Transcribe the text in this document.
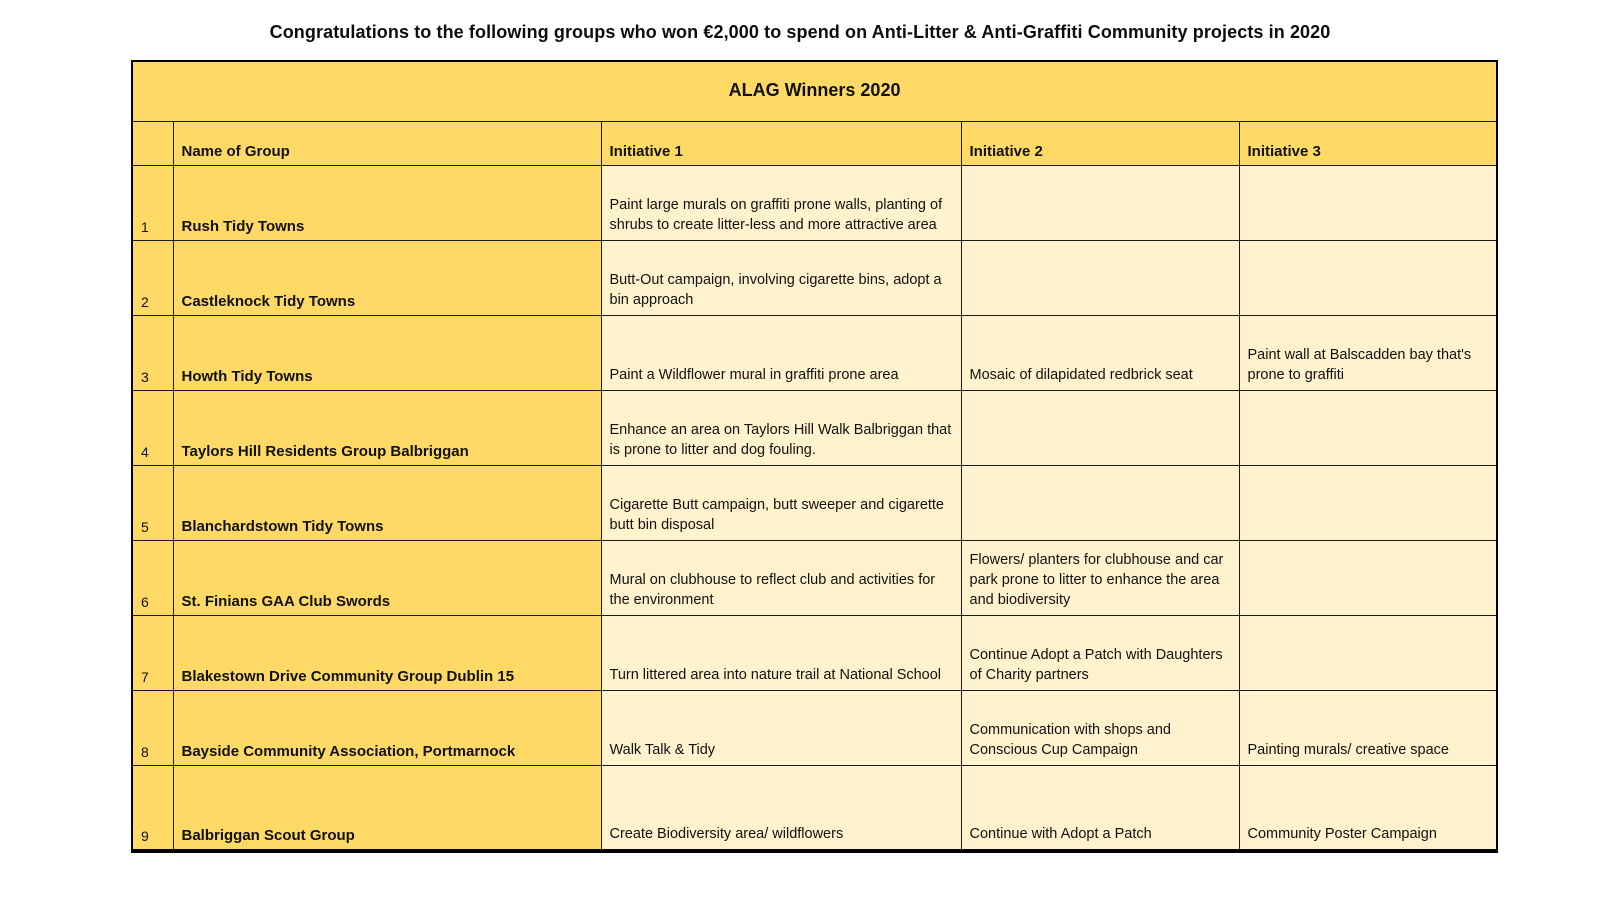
Congratulations to the following groups who won €2,000 to spend on Anti-Litter & Anti-Graffiti Community projects in 2020
ALAG Winners 2020				
	Name of Group	Initiative 1	Initiative 2	Initiative 3
1	Rush Tidy Towns	Paint large murals on graffiti prone walls, planting of shrubs to create litter-less and more attractive area		
2	Castleknock Tidy Towns	Butt-Out campaign, involving cigarette bins, adopt a bin approach		
3	Howth Tidy Towns	Paint a Wildflower mural in graffiti prone area	Mosaic of dilapidated redbrick seat	Paint wall at Balscadden bay that's prone to graffiti
4	Taylors Hill Residents Group Balbriggan	Enhance an area on Taylors Hill Walk Balbriggan that is prone to litter and dog fouling.		
5	Blanchardstown Tidy Towns	Cigarette Butt campaign, butt sweeper and cigarette butt bin disposal		
6	St. Finians GAA Club Swords	Mural on clubhouse to reflect club and activities for the environment	Flowers/ planters for clubhouse and car park prone to litter to enhance the area and biodiversity	
7	Blakestown Drive Community Group Dublin 15	Turn littered area into nature trail at National School	Continue Adopt a Patch with Daughters of Charity partners	
8	Bayside Community Association, Portmarnock	Walk Talk & Tidy	Communication with shops and Conscious Cup Campaign	Painting murals/ creative space
9	Balbriggan Scout Group	Create Biodiversity area/ wildflowers	Continue with Adopt a Patch	Community Poster Campaign
